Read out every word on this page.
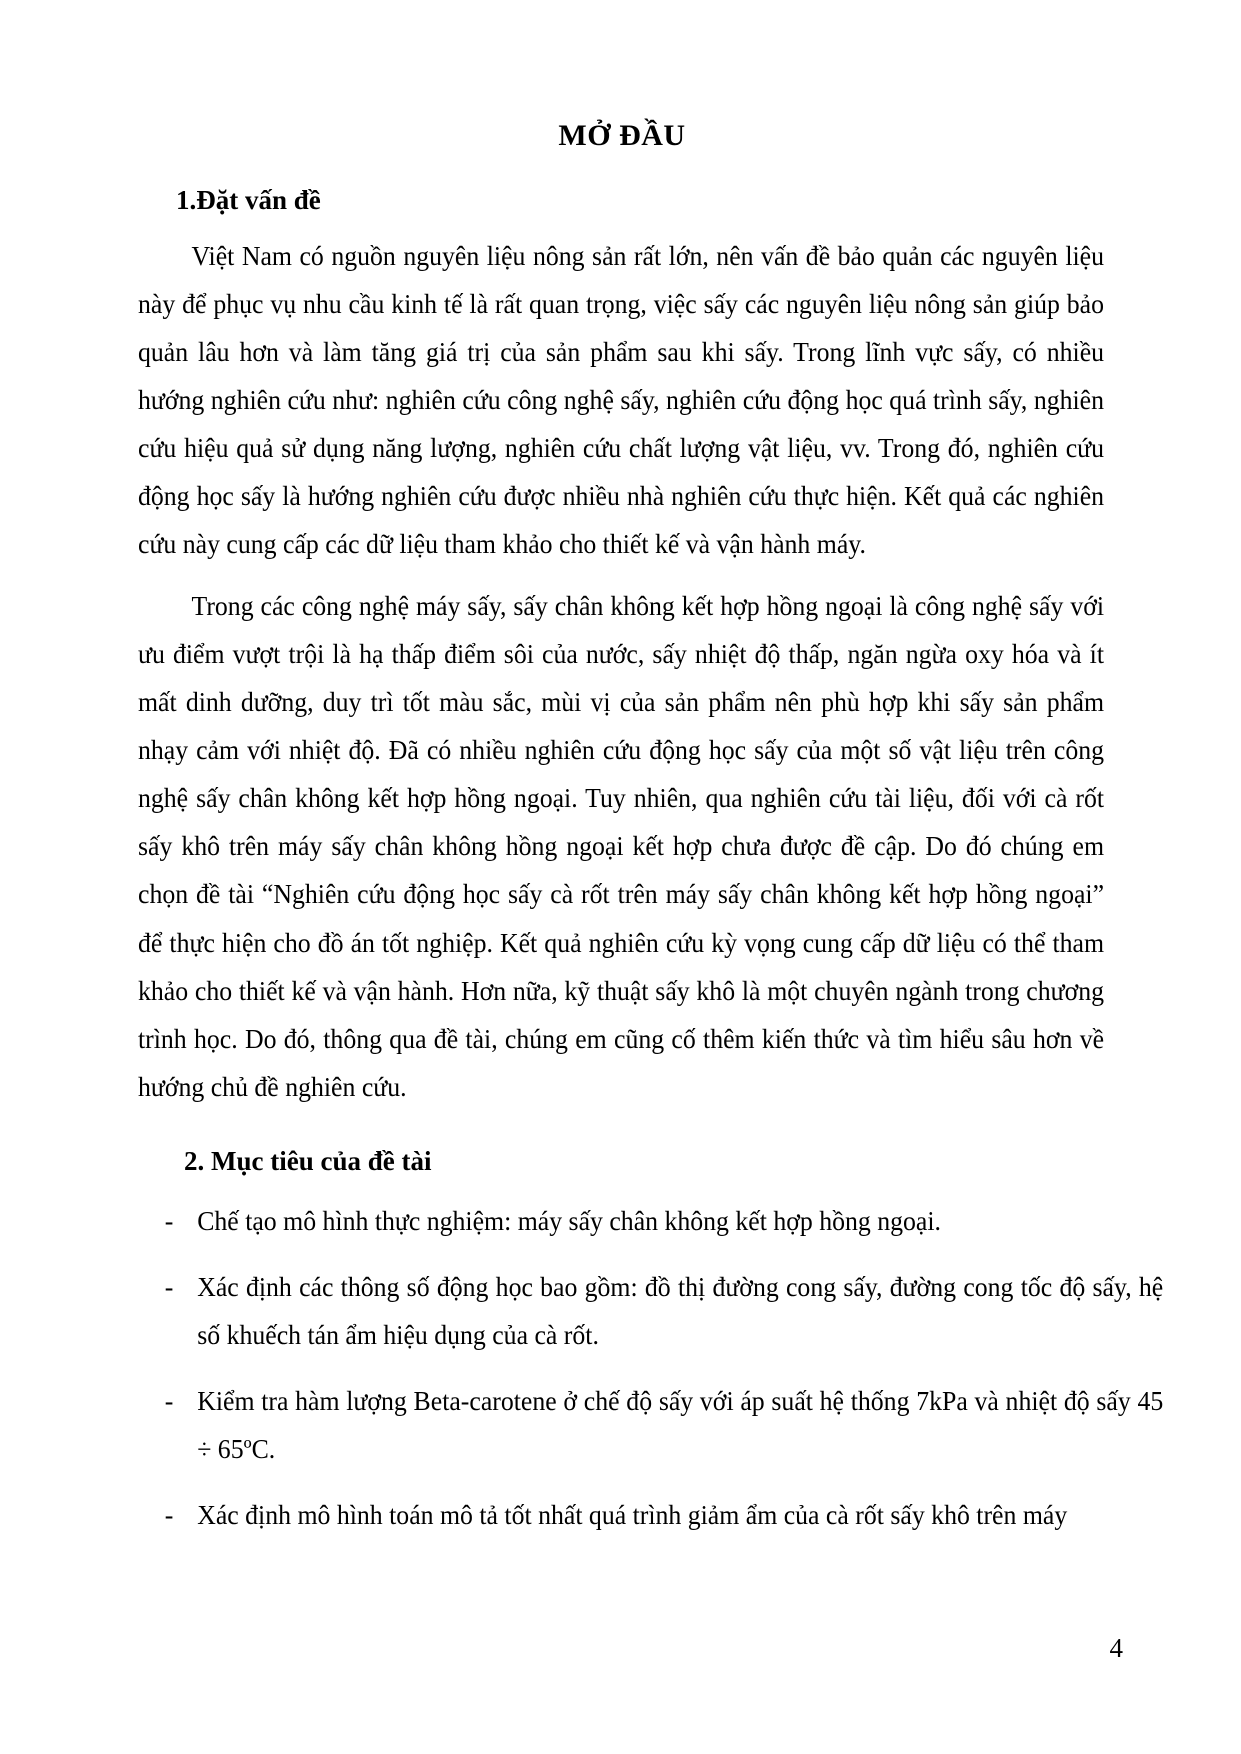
MỞ ĐẦU
1.Đặt vấn đề

Việt Nam có nguồn nguyên liệu nông sản rất lớn, nên vấn đề bảo quản các nguyên liệu này để phục vụ nhu cầu kinh tế là rất quan trọng, việc sấy các nguyên liệu nông sản giúp bảo quản lâu hơn và làm tăng giá trị của sản phẩm sau khi sấy. Trong lĩnh vực sấy, có nhiều hướng nghiên cứu như: nghiên cứu công nghệ sấy, nghiên cứu động học quá trình sấy, nghiên cứu hiệu quả sử dụng năng lượng, nghiên cứu chất lượng vật liệu, vv. Trong đó, nghiên cứu động học sấy là hướng nghiên cứu được nhiều nhà nghiên cứu thực hiện. Kết quả các nghiên cứu này cung cấp các dữ liệu tham khảo cho thiết kế và vận hành máy.

Trong các công nghệ máy sấy, sấy chân không kết hợp hồng ngoại là công nghệ sấy với ưu điểm vượt trội là hạ thấp điểm sôi của nước, sấy nhiệt độ thấp, ngăn ngừa oxy hóa và ít mất dinh dưỡng, duy trì tốt màu sắc, mùi vị của sản phẩm nên phù hợp khi sấy sản phẩm nhạy cảm với nhiệt độ. Đã có nhiều nghiên cứu động học sấy của một số vật liệu trên công nghệ sấy chân không kết hợp hồng ngoại. Tuy nhiên, qua nghiên cứu tài liệu, đối với cà rốt sấy khô trên máy sấy chân không hồng ngoại kết hợp chưa được đề cập. Do đó chúng em chọn đề tài “Nghiên cứu động học sấy cà rốt trên máy sấy chân không kết hợp hồng ngoại” để thực hiện cho đồ án tốt nghiệp. Kết quả nghiên cứu kỳ vọng cung cấp dữ liệu có thể tham khảo cho thiết kế và vận hành. Hơn nữa, kỹ thuật sấy khô là một chuyên ngành trong chương trình học. Do đó, thông qua đề tài, chúng em cũng cố thêm kiến thức và tìm hiểu sâu hơn về hướng chủ đề nghiên cứu.

2. Mục tiêu của đề tài
- Chế tạo mô hình thực nghiệm: máy sấy chân không kết hợp hồng ngoại.
- Xác định các thông số động học bao gồm: đồ thị đường cong sấy, đường cong tốc độ sấy, hệ số khuếch tán ẩm hiệu dụng của cà rốt.
- Kiểm tra hàm lượng Beta-carotene ở chế độ sấy với áp suất hệ thống 7kPa và nhiệt độ sấy 45 ÷ 65ºC.
- Xác định mô hình toán mô tả tốt nhất quá trình giảm ẩm của cà rốt sấy khô trên máy
4
